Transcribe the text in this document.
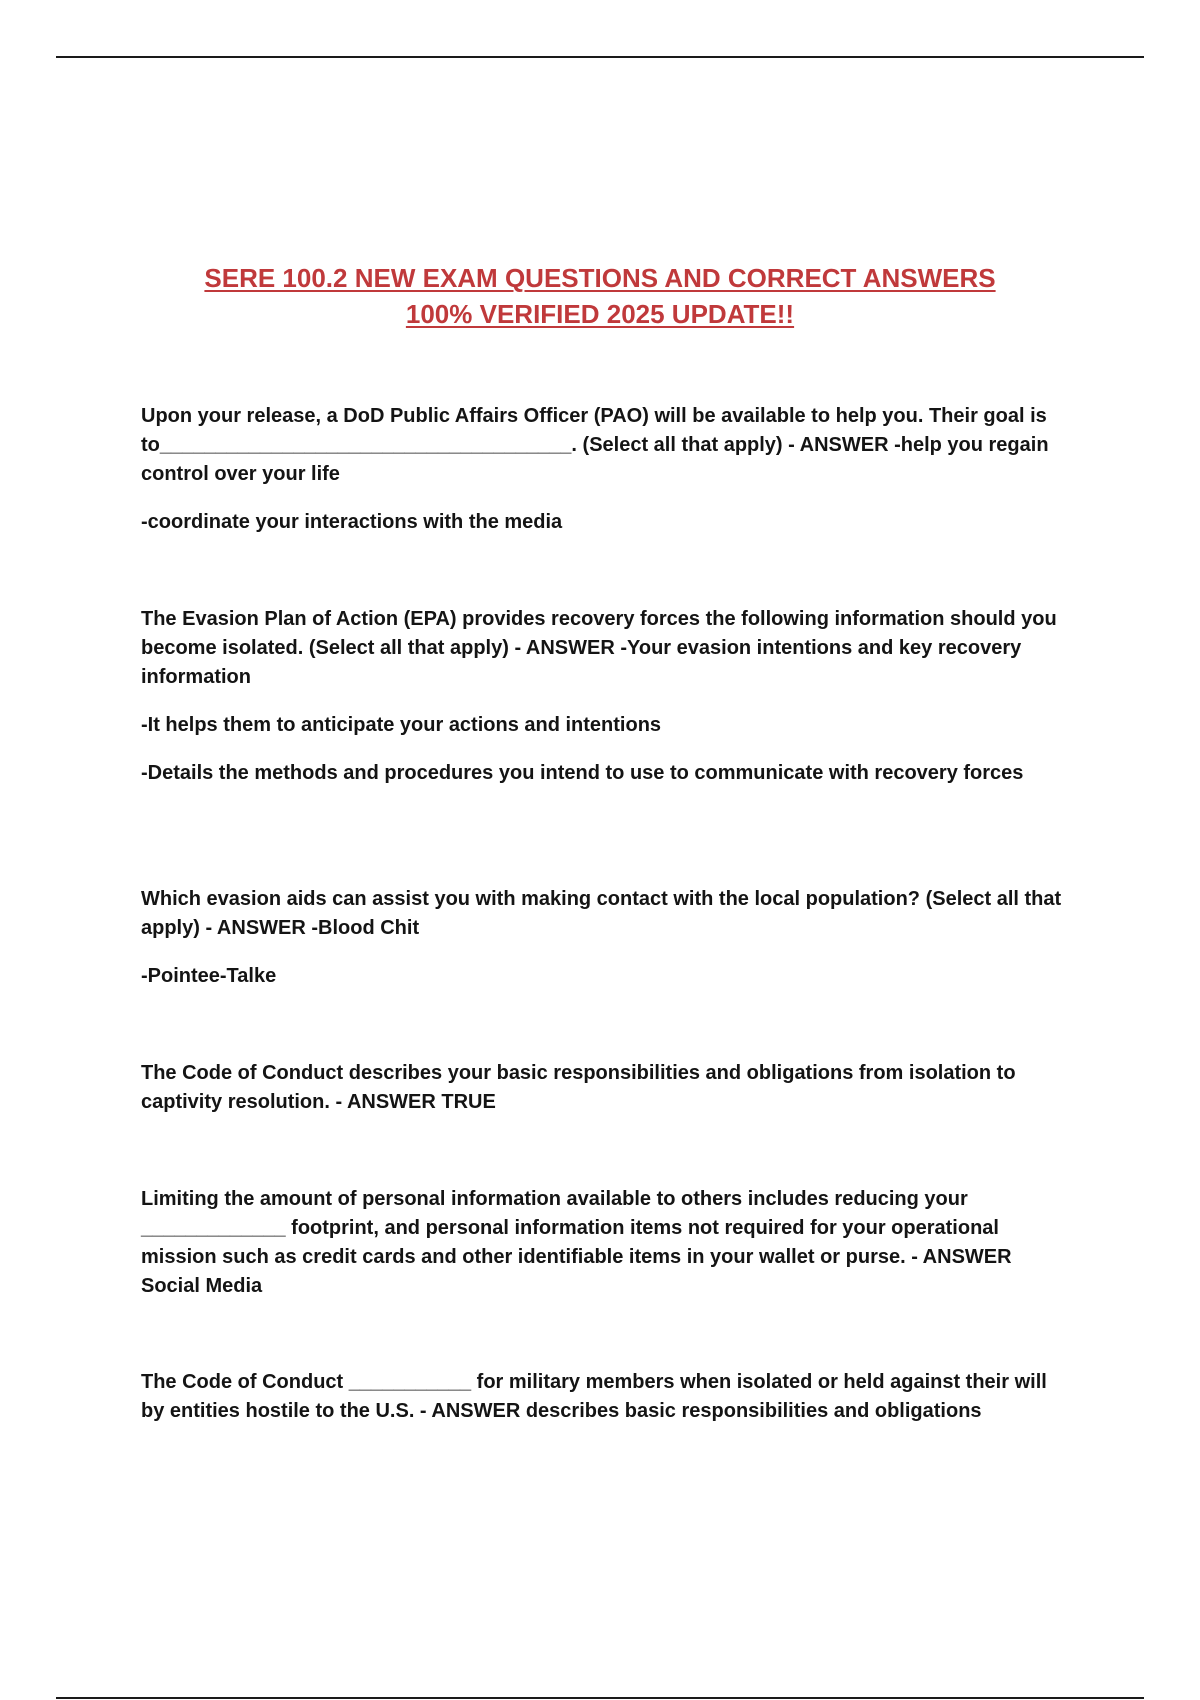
SERE 100.2 NEW EXAM QUESTIONS AND CORRECT ANSWERS
100% VERIFIED 2025 UPDATE!!

Upon your release, a DoD Public Affairs Officer (PAO) will be available to help you. Their goal is to_____________________________________. (Select all that apply) - ANSWER -help you regain control over your life

-coordinate your interactions with the media

The Evasion Plan of Action (EPA) provides recovery forces the following information should you become isolated. (Select all that apply) - ANSWER -Your evasion intentions and key recovery information

-It helps them to anticipate your actions and intentions

-Details the methods and procedures you intend to use to communicate with recovery forces

Which evasion aids can assist you with making contact with the local population? (Select all that apply) - ANSWER -Blood Chit

-Pointee-Talke

The Code of Conduct describes your basic responsibilities and obligations from isolation to captivity resolution. - ANSWER TRUE

Limiting the amount of personal information available to others includes reducing your _____________ footprint, and personal information items not required for your operational mission such as credit cards and other identifiable items in your wallet or purse. - ANSWER Social Media

The Code of Conduct ___________ for military members when isolated or held against their will by entities hostile to the U.S. - ANSWER describes basic responsibilities and obligations
